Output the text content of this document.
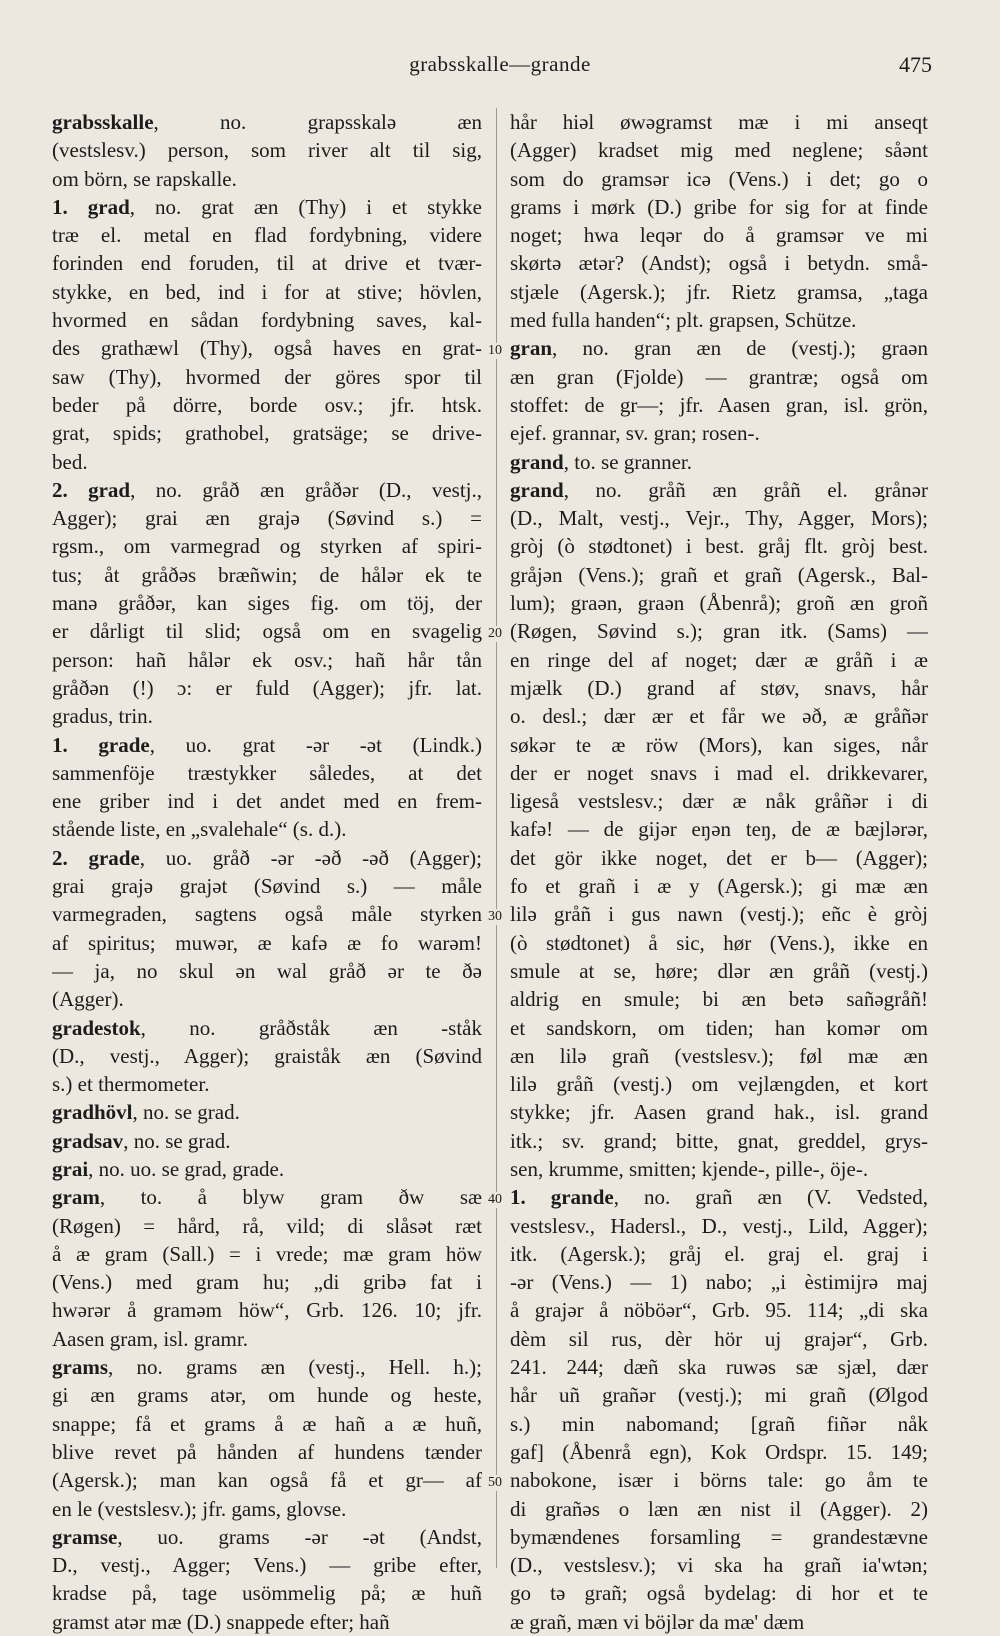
grabsskalle—grande	475

grabsskalle, no. grapsskalə æn

(vestslesv.) person, som river alt til sig,

om börn, se rapskalle.

1. grad, no. grat æn (Thy) i et stykke

træ el. metal en flad fordybning, videre

forinden end foruden, til at drive et tvær-

stykke, en bed, ind i for at stive; hövlen,

hvormed en sådan fordybning saves, kal-

des grathæwl (Thy), også haves en grat-

saw (Thy), hvormed der göres spor til

beder på dörre, borde osv.; jfr. htsk.

grat, spids; grathobel, gratsäge; se drive-

bed.

2. grad, no. gråð æn gråðər (D., vestj.,

Agger); grai æn grajə (Søvind s.) =

rgsm., om varmegrad og styrken af spiri-

tus; åt gråðəs bræñwin; de hålər ek te

manə gråðər, kan siges fig. om töj, der

er dårligt til slid; også om en svagelig

person: hañ hålər ek osv.; hañ hår tån

gråðən (!) ɔ: er fuld (Agger); jfr. lat.

gradus, trin.

1. grade, uo. grat -ər -ət (Lindk.)

sammenföje træstykker således, at det

ene griber ind i det andet med en frem-

stående liste, en „svalehale“ (s. d.).

2. grade, uo. gråð -ər -əð -əð (Agger);

grai grajə grajət (Søvind s.) — måle

varmegraden, sagtens også måle styrken

af spiritus; muwər, æ kafə æ fo warəm!

— ja, no skul ən wal gråð ər te ðə

(Agger).

gradestok, no. gråðståk æn -ståk

(D., vestj., Agger); graiståk æn (Søvind

s.) et thermometer.

gradhövl, no. se grad.

gradsav, no. se grad.

grai, no. uo. se grad, grade.

gram, to. å blyw gram ðw sæ

(Røgen) = hård, rå, vild; di slåsət ræt

å æ gram (Sall.) = i vrede; mæ gram höw

(Vens.) med gram hu; „di gribə fat i

hwərər å graməm höw“, Grb. 126. 10; jfr.

Aasen gram, isl. gramr.

grams, no. grams æn (vestj., Hell. h.);

gi æn grams atər, om hunde og heste,

snappe; få et grams å æ hañ a æ huñ,

blive revet på hånden af hundens tænder

(Agersk.); man kan også få et gr— af

en le (vestslesv.); jfr. gams, glovse.

gramse, uo. grams -ər -ət (Andst,

D., vestj., Agger; Vens.) — gribe efter,

kradse på, tage usömmelig på; æ huñ

gramst atər mæ (D.) snappede efter; hañ

hår hiəl øwəgramst mæ i mi anseqt

(Agger) kradset mig med neglene; såənt

som do gramsər icə (Vens.) i det; go o

grams i mørk (D.) gribe for sig for at finde

noget; hwa leqər do å gramsər ve mi

skørtə ætər? (Andst); også i betydn. små-

stjæle (Agersk.); jfr. Rietz gramsa, „taga

med fulla handen“; plt. grapsen, Schütze.

gran, no. gran æn de (vestj.); graən

æn gran (Fjolde) — grantræ; også om

stoffet: de gr—; jfr. Aasen gran, isl. grön,

ejef. grannar, sv. gran; rosen-.

grand, to. se granner.

grand, no. gråñ æn gråñ el. grånər

(D., Malt, vestj., Vejr., Thy, Agger, Mors);

gròj (ò stødtonet) i best. gråj flt. gròj best.

gråjən (Vens.); grañ et grañ (Agersk., Bal-

lum); graən, graən (Åbenrå); groñ æn groñ

(Røgen, Søvind s.); gran itk. (Sams) —

en ringe del af noget; dær æ gråñ i æ

mjælk (D.) grand af støv, snavs, hår

o. desl.; dær ær et får we əð, æ gråñər

søkər te æ röw (Mors), kan siges, når

der er noget snavs i mad el. drikkevarer,

ligeså vestslesv.; dær æ nåk gråñər i di

kafə! — de gijər eŋən teŋ, de æ bæjlərər,

det gör ikke noget, det er b— (Agger);

fo et grañ i æ y (Agersk.); gi mæ æn

lilə gråñ i gus nawn (vestj.); eñc è gròj

(ò stødtonet) å sic, hør (Vens.), ikke en

smule at se, høre; dlər æn gråñ (vestj.)

aldrig en smule; bi æn betə sañəgråñ!

et sandskorn, om tiden; han komər om

æn lilə grañ (vestslesv.); føl mæ æn

lilə gråñ (vestj.) om vejlængden, et kort

stykke; jfr. Aasen grand hak., isl. grand

itk.; sv. grand; bitte, gnat, greddel, grys-

sen, krumme, smitten; kjende-, pille-, öje-.

1. grande, no. grañ æn (V. Vedsted,

vestslesv., Hadersl., D., vestj., Lild, Agger);

itk. (Agersk.); gråj el. graj el. graj i

-ər (Vens.) — 1) nabo; „i èstimijrə maj

å grajər å nöböər“, Grb. 95. 114; „di ska

dèm sil rus, dèr hör uj grajər“, Grb.

241. 244; dæñ ska ruwəs sæ sjæl, dær

hår uñ grañər (vestj.); mi grañ (Ølgod

s.) min nabomand; [grañ fiñər nåk

gaf] (Åbenrå egn), Kok Ordspr. 15. 149;

nabokone, især i börns tale: go åm te

di grañəs o læn æn nist il (Agger). 2)

bymændenes forsamling = grandestævne

(D., vestslesv.); vi ska ha grañ ia'wtən;

go tə grañ; også bydelag: di hor et te

æ grañ, mæn vi böjlər da mæ' dæm

10
20
30
40
50
